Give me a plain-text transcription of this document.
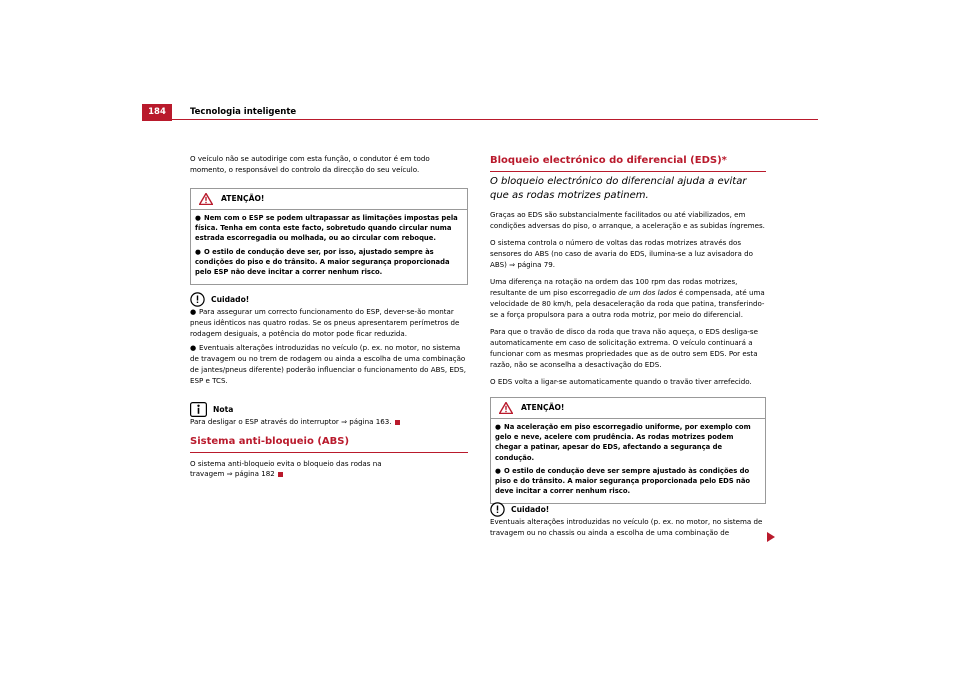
184	Tecnologia inteligente

O veículo não se autodirige com esta função, o condutor é em todo momento, o responsável do controlo da direcção do seu veículo.

ATENÇÃO!
● Nem com o ESP se podem ultrapassar as limitações impostas pela física. Tenha em conta este facto, sobretudo quando circular numa estrada escorregadia ou molhada, ou ao circular com reboque.
● O estilo de condução deve ser, por isso, ajustado sempre às condições do piso e do trânsito. A maior segurança proporcionada pelo ESP não deve incitar a correr nenhum risco.
Cuidado!
● Para assegurar um correcto funcionamento do ESP, dever-se-ão montar pneus idênticos nas quatro rodas. Se os pneus apresentarem perímetros de rodagem desiguais, a potência do motor pode ficar reduzida.
● Eventuais alterações introduzidas no veículo (p. ex. no motor, no sistema de travagem ou no trem de rodagem ou ainda a escolha de uma combinação de jantes/pneus diferente) poderão influenciar o funcionamento do ABS, EDS, ESP e TCS.
Nota

Para desligar o ESP através do interruptor ⇒ página 163.

Sistema anti-bloqueio (ABS)

O sistema anti-bloqueio evita o bloqueio das rodas na
travagem ⇒ página 182

Bloqueio electrónico do diferencial (EDS)*

O bloqueio electrónico do diferencial ajuda a evitar que as rodas motrizes patinem.

Graças ao EDS são substancialmente facilitados ou até viabilizados, em condições adversas do piso, o arranque, a aceleração e as subidas íngremes.

O sistema controla o número de voltas das rodas motrizes através dos sensores do ABS (no caso de avaria do EDS, ilumina-se a luz avisadora do ABS) ⇒ página 79.

Uma diferença na rotação na ordem das 100 rpm das rodas motrizes, resultante de um piso escorregadio de um dos lados é compensada, até uma velocidade de 80 km/h, pela desaceleração da roda que patina, transferindo-se a força propulsora para a outra roda motriz, por meio do diferencial.

Para que o travão de disco da roda que trava não aqueça, o EDS desliga-se automaticamente em caso de solicitação extrema. O veículo continuará a funcionar com as mesmas propriedades que as de outro sem EDS. Por esta razão, não se aconselha a desactivação do EDS.

O EDS volta a ligar-se automaticamente quando o travão tiver arrefecido.

ATENÇÃO!
● Na aceleração em piso escorregadio uniforme, por exemplo com gelo e neve, acelere com prudência. As rodas motrizes podem chegar a patinar, apesar do EDS, afectando a segurança de condução.
● O estilo de condução deve ser sempre ajustado às condições do piso e do trânsito. A maior segurança proporcionada pelo EDS não deve incitar a correr nenhum risco.
Cuidado!

Eventuais alterações introduzidas no veículo (p. ex. no motor, no sistema de travagem ou no chassis ou ainda a escolha de uma combinação de
